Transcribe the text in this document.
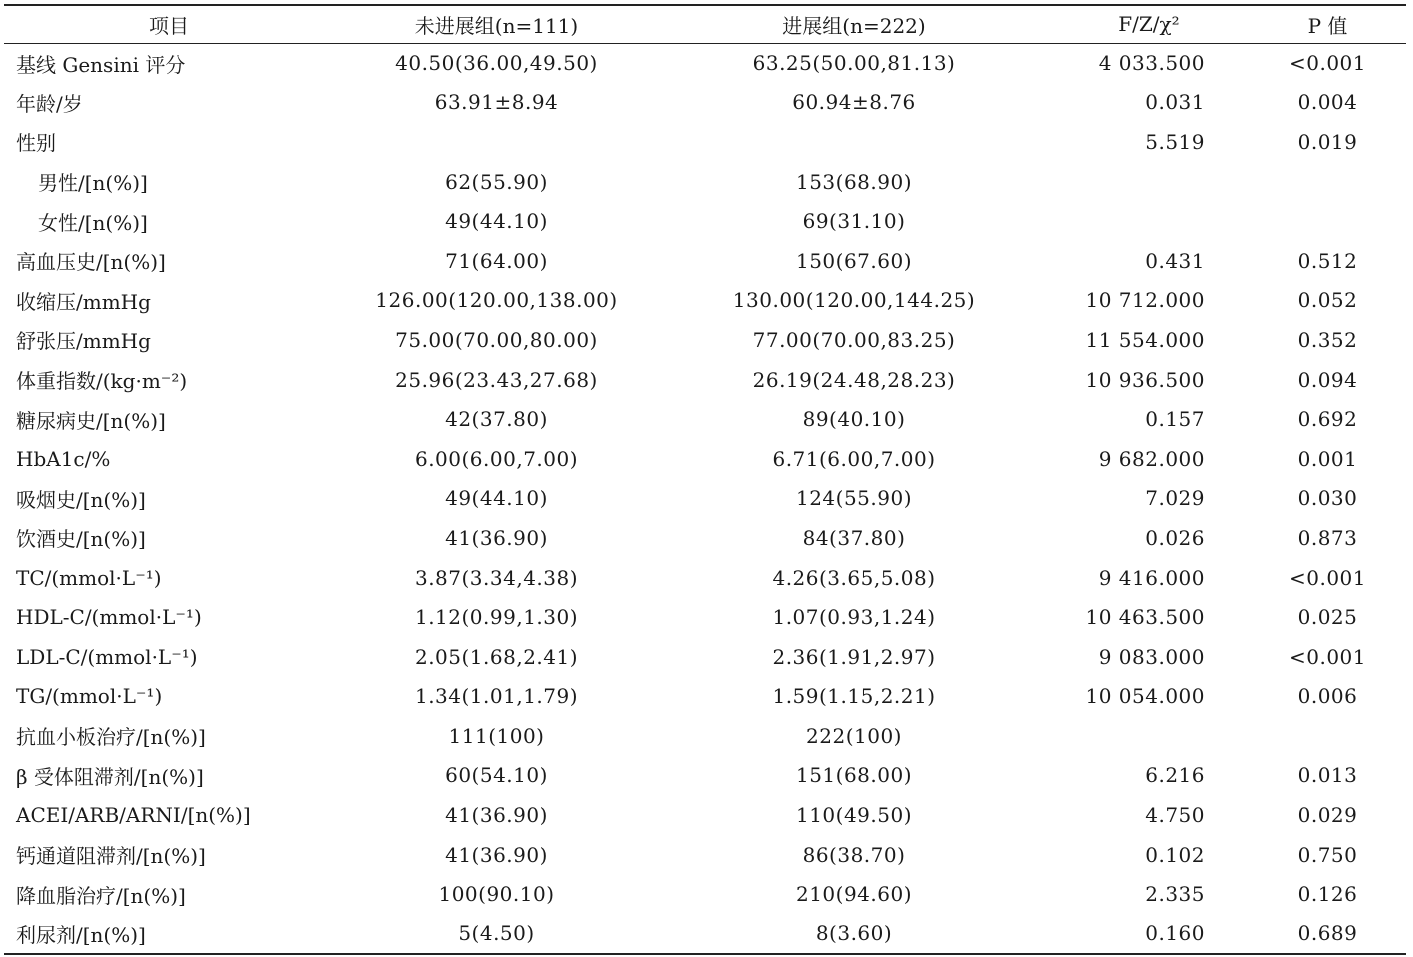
项目	未进展组(n=111)	进展组(n=222)	F/Z/χ²	P 值
基线 Gensini 评分	40.50(36.00,49.50)	63.25(50.00,81.13)	4 033.500	<0.001
年龄/岁	63.91±8.94	60.94±8.76	0.031	0.004
性别			5.519	0.019
男性/[n(%)]	62(55.90)	153(68.90)		
女性/[n(%)]	49(44.10)	69(31.10)		
高血压史/[n(%)]	71(64.00)	150(67.60)	0.431	0.512
收缩压/mmHg	126.00(120.00,138.00)	130.00(120.00,144.25)	10 712.000	0.052
舒张压/mmHg	75.00(70.00,80.00)	77.00(70.00,83.25)	11 554.000	0.352
体重指数/(kg·m⁻²)	25.96(23.43,27.68)	26.19(24.48,28.23)	10 936.500	0.094
糖尿病史/[n(%)]	42(37.80)	89(40.10)	0.157	0.692
HbA1c/%	6.00(6.00,7.00)	6.71(6.00,7.00)	9 682.000	0.001
吸烟史/[n(%)]	49(44.10)	124(55.90)	7.029	0.030
饮酒史/[n(%)]	41(36.90)	84(37.80)	0.026	0.873
TC/(mmol·L⁻¹)	3.87(3.34,4.38)	4.26(3.65,5.08)	9 416.000	<0.001
HDL-C/(mmol·L⁻¹)	1.12(0.99,1.30)	1.07(0.93,1.24)	10 463.500	0.025
LDL-C/(mmol·L⁻¹)	2.05(1.68,2.41)	2.36(1.91,2.97)	9 083.000	<0.001
TG/(mmol·L⁻¹)	1.34(1.01,1.79)	1.59(1.15,2.21)	10 054.000	0.006
抗血小板治疗/[n(%)]	111(100)	222(100)		
β 受体阻滞剂/[n(%)]	60(54.10)	151(68.00)	6.216	0.013
ACEI/ARB/ARNI/[n(%)]	41(36.90)	110(49.50)	4.750	0.029
钙通道阻滞剂/[n(%)]	41(36.90)	86(38.70)	0.102	0.750
降血脂治疗/[n(%)]	100(90.10)	210(94.60)	2.335	0.126
利尿剂/[n(%)]	5(4.50)	8(3.60)	0.160	0.689
